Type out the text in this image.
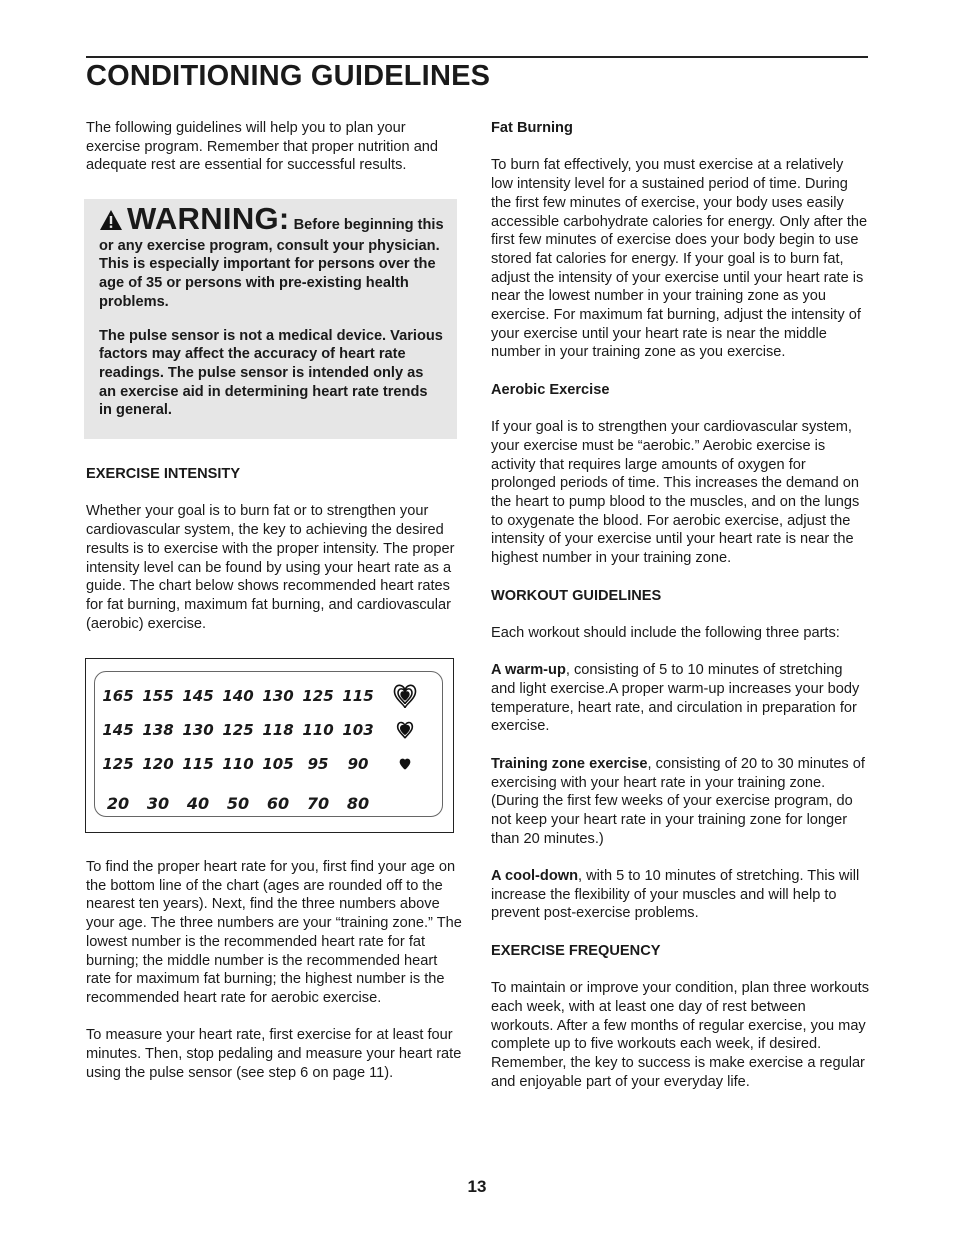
CONDITIONING GUIDELINES

The following guidelines will help you to plan your exercise program. Remember that proper nutrition and adequate rest are essential for successful results.

WARNING: Before beginning this or any exercise program, consult your physician. This is especially important for persons over the age of 35 or persons with pre-existing health problems.

The pulse sensor is not a medical device. Various factors may affect the accuracy of heart rate readings. The pulse sensor is intended only as an exercise aid in determining heart rate trends in general.

EXERCISE INTENSITY

Whether your goal is to burn fat or to strengthen your cardiovascular system, the key to achieving the desired results is to exercise with the proper intensity. The proper intensity level can be found by using your heart rate as a guide. The chart below shows recommended heart rates for fat burning, maximum fat burning, and cardiovascular (aerobic) exercise.

165 155 145 140 130 125 115
145 138 130 125 118 110 103
125 120 115 110 105 95	90
20	30	40	50	60	70	80

To find the proper heart rate for you, first find your age on the bottom line of the chart (ages are rounded off to the nearest ten years). Next, find the three numbers above your age. The three numbers are your “training zone.” The lowest number is the recommended heart rate for fat burning; the middle number is the recommended heart rate for maximum fat burning; the highest number is the recommended heart rate for aerobic exercise.

To measure your heart rate, first exercise for at least four minutes. Then, stop pedaling and measure your heart rate using the pulse sensor (see step 6 on page 11).

Fat Burning

To burn fat effectively, you must exercise at a relatively low intensity level for a sustained period of time. During the first few minutes of exercise, your body uses easily accessible carbohydrate calories for energy. Only after the first few minutes of exercise does your body begin to use stored fat calories for energy. If your goal is to burn fat, adjust the intensity of your exercise until your heart rate is near the lowest number in your training zone as you exercise. For maximum fat burning, adjust the intensity of your exercise until your heart rate is near the middle number in your training zone as you exercise.

Aerobic Exercise

If your goal is to strengthen your cardiovascular system, your exercise must be “aerobic.” Aerobic exercise is activity that requires large amounts of oxygen for prolonged periods of time. This increases the demand on the heart to pump blood to the muscles, and on the lungs to oxygenate the blood. For aerobic exercise, adjust the intensity of your exercise until your heart rate is near the highest number in your training zone.

WORKOUT GUIDELINES

Each workout should include the following three parts:

A warm-up, consisting of 5 to 10 minutes of stretching and light exercise.A proper warm-up increases your body temperature, heart rate, and circulation in preparation for exercise.

Training zone exercise, consisting of 20 to 30 minutes of exercising with your heart rate in your training zone. (During the first few weeks of your exercise program, do not keep your heart rate in your training zone for longer than 20 minutes.)

A cool-down, with 5 to 10 minutes of stretching. This will increase the flexibility of your muscles and will help to prevent post-exercise problems.

EXERCISE FREQUENCY

To maintain or improve your condition, plan three workouts each week, with at least one day of rest between workouts. After a few months of regular exercise, you may complete up to five workouts each week, if desired. Remember, the key to success is make exercise a regular and enjoyable part of your everyday life.

13
